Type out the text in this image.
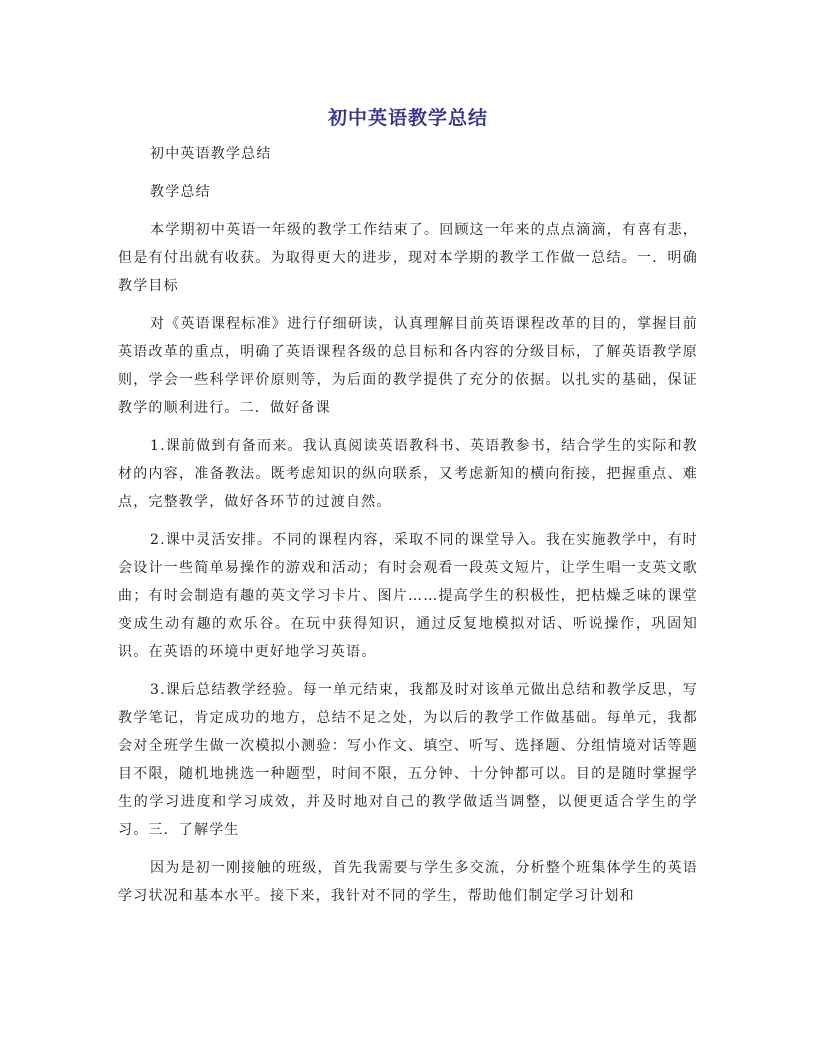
初中英语教学总结

初中英语教学总结

教学总结

本学期初中英语一年级的教学工作结束了。回顾这一年来的点点滴滴，有喜有悲，但是有付出就有收获。为取得更大的进步，现对本学期的教学工作做一总结。一．明确教学目标

对《英语课程标准》进行仔细研读，认真理解目前英语课程改革的目的，掌握目前英语改革的重点，明确了英语课程各级的总目标和各内容的分级目标，了解英语教学原则，学会一些科学评价原则等，为后面的教学提供了充分的依据。以扎实的基础，保证教学的顺利进行。二．做好备课

1.课前做到有备而来。我认真阅读英语教科书、英语教参书，结合学生的实际和教材的内容，准备教法。既考虑知识的纵向联系，又考虑新知的横向衔接，把握重点、难点，完整教学，做好各环节的过渡自然。

2.课中灵活安排。不同的课程内容，采取不同的课堂导入。我在实施教学中，有时会设计一些简单易操作的游戏和活动；有时会观看一段英文短片，让学生唱一支英文歌曲；有时会制造有趣的英文学习卡片、图片……提高学生的积极性，把枯燥乏味的课堂变成生动有趣的欢乐谷。在玩中获得知识，通过反复地模拟对话、听说操作，巩固知识。在英语的环境中更好地学习英语。

3.课后总结教学经验。每一单元结束，我都及时对该单元做出总结和教学反思，写教学笔记，肯定成功的地方，总结不足之处，为以后的教学工作做基础。每单元，我都会对全班学生做一次模拟小测验：写小作文、填空、听写、选择题、分组情境对话等题目不限，随机地挑选一种题型，时间不限，五分钟、十分钟都可以。目的是随时掌握学生的学习进度和学习成效，并及时地对自己的教学做适当调整，以便更适合学生的学习。三．了解学生

因为是初一刚接触的班级，首先我需要与学生多交流，分析整个班集体学生的英语学习状况和基本水平。接下来，我针对不同的学生，帮助他们制定学习计划和
